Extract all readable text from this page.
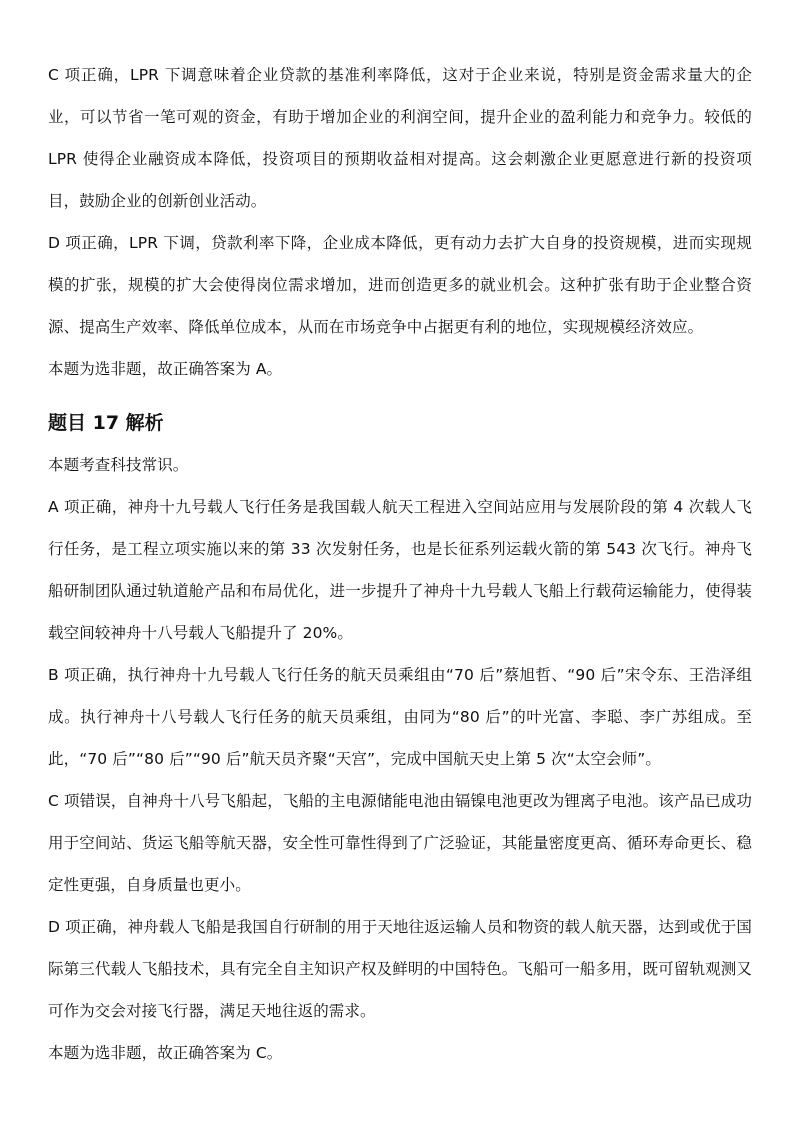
C 项正确，LPR 下调意味着企业贷款的基准利率降低，这对于企业来说，特别是资金需求量大的企业，可以节省一笔可观的资金，有助于增加企业的利润空间，提升企业的盈利能力和竞争力。较低的 LPR 使得企业融资成本降低，投资项目的预期收益相对提高。这会刺激企业更愿意进行新的投资项目，鼓励企业的创新创业活动。

D 项正确，LPR 下调，贷款利率下降，企业成本降低，更有动力去扩大自身的投资规模，进而实现规模的扩张，规模的扩大会使得岗位需求增加，进而创造更多的就业机会。这种扩张有助于企业整合资源、提高生产效率、降低单位成本，从而在市场竞争中占据更有利的地位，实现规模经济效应。

本题为选非题，故正确答案为 A。

题目 17 解析

本题考查科技常识。

A 项正确，神舟十九号载人飞行任务是我国载人航天工程进入空间站应用与发展阶段的第 4 次载人飞行任务，是工程立项实施以来的第 33 次发射任务，也是长征系列运载火箭的第 543 次飞行。神舟飞船研制团队通过轨道舱产品和布局优化，进一步提升了神舟十九号载人飞船上行载荷运输能力，使得装载空间较神舟十八号载人飞船提升了 20%。

B 项正确，执行神舟十九号载人飞行任务的航天员乘组由“70 后”蔡旭哲、“90 后”宋令东、王浩泽组成。执行神舟十八号载人飞行任务的航天员乘组，由同为“80 后”的叶光富、李聪、李广苏组成。至此，“70 后”“80 后”“90 后”航天员齐聚“天宫”，完成中国航天史上第 5 次“太空会师”。

C 项错误，自神舟十八号飞船起，飞船的主电源储能电池由镉镍电池更改为锂离子电池。该产品已成功用于空间站、货运飞船等航天器，安全性可靠性得到了广泛验证，其能量密度更高、循环寿命更长、稳定性更强，自身质量也更小。

D 项正确，神舟载人飞船是我国自行研制的用于天地往返运输人员和物资的载人航天器，达到或优于国际第三代载人飞船技术，具有完全自主知识产权及鲜明的中国特色。飞船可一船多用，既可留轨观测又可作为交会对接飞行器，满足天地往返的需求。

本题为选非题，故正确答案为 C。
